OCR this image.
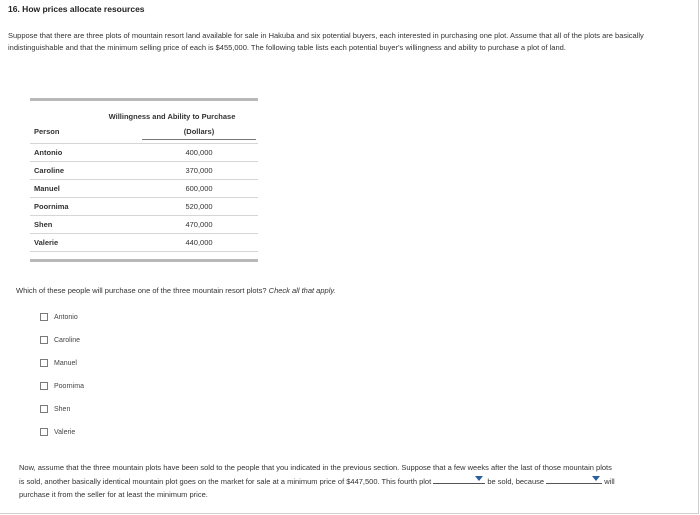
16. How prices allocate resources
Suppose that there are three plots of mountain resort land available for sale in Hakuba and six potential buyers, each interested in purchasing one plot. Assume that all of the plots are basically indistinguishable and that the minimum selling price of each is $455,000. The following table lists each potential buyer's willingness and ability to purchase a plot of land.
Willingness and Ability to Purchase
Person	(Dollars)
Antonio	400,000
Caroline	370,000
Manuel	600,000
Poornima	520,000
Shen	470,000
Valerie	440,000
Which of these people will purchase one of the three mountain resort plots? Check all that apply.
Antonio
Caroline
Manuel
Poornima
Shen
Valerie
Now, assume that the three mountain plots have been sold to the people that you indicated in the previous section. Suppose that a few weeks after the last of those mountain plots is sold, another basically identical mountain plot goes on the market for sale at a minimum price of $447,500. This fourth plot	be sold, because	will purchase it from the seller for at least the minimum price.
